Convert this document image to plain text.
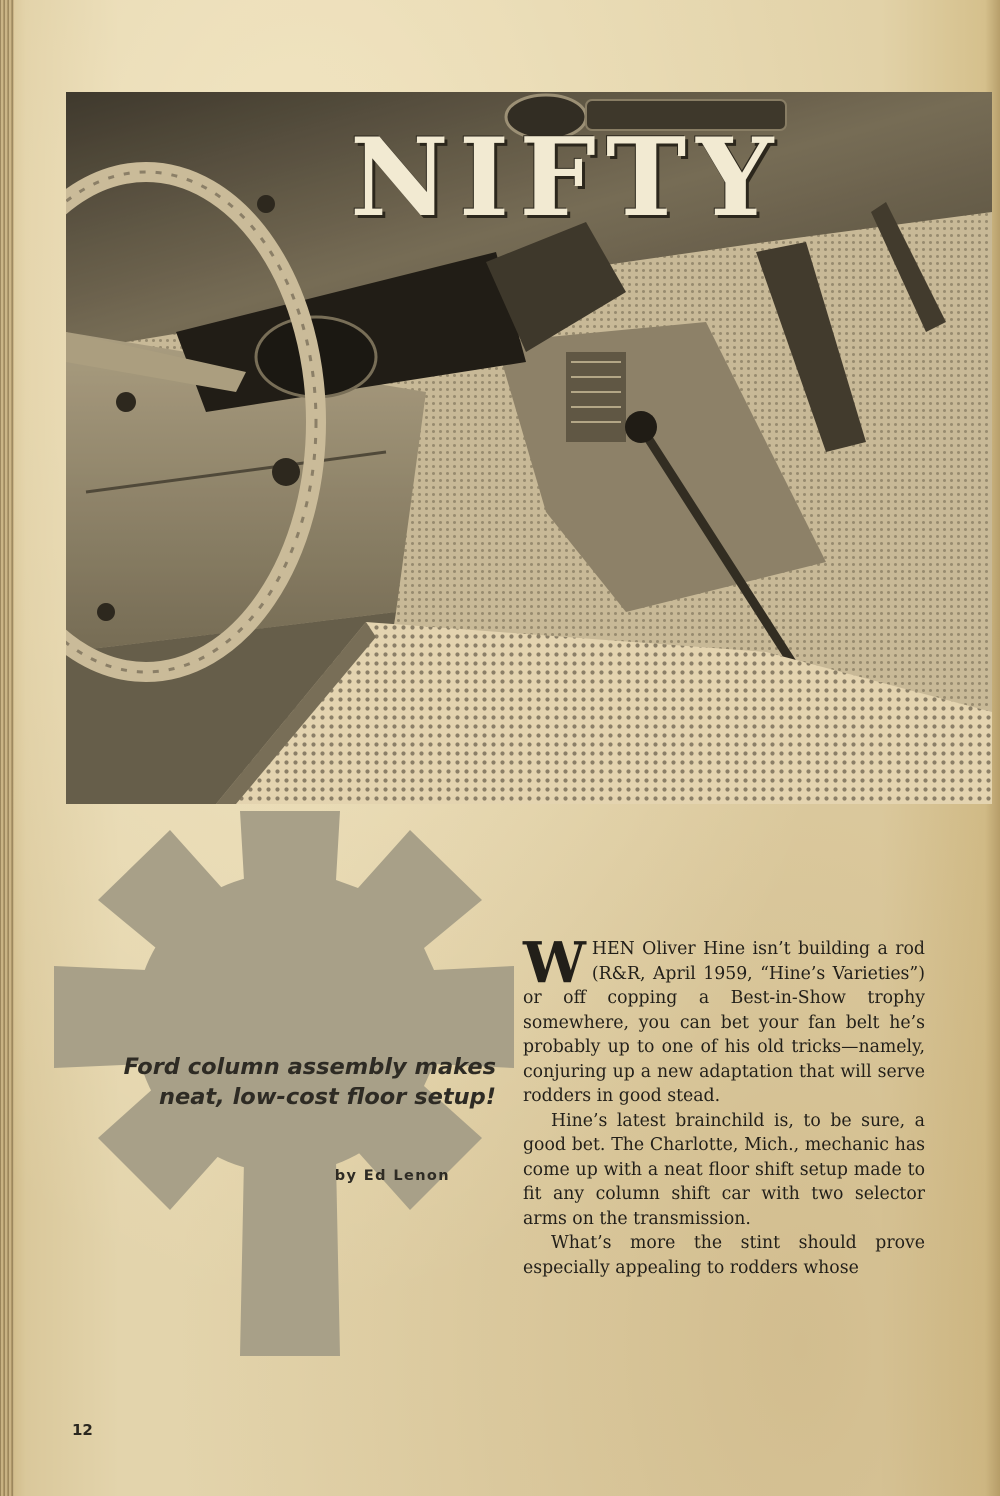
NIFTY
Ford column assembly makes neat, low-cost floor setup!
by Ed Lenon

WHEN Oliver Hine isn’t building a rod (R&R, April 1959, “Hine’s Varieties”) or off copping a Best-in-Show trophy somewhere, you can bet your fan belt he’s probably up to one of his old tricks—namely, conjuring up a new adaptation that will serve rodders in good stead.

Hine’s latest brainchild is, to be sure, a good bet. The Charlotte, Mich., mechanic has come up with a neat floor shift setup made to fit any column shift car with two selector arms on the transmission.

What’s more the stint should prove especially appealing to rodders whose

12
